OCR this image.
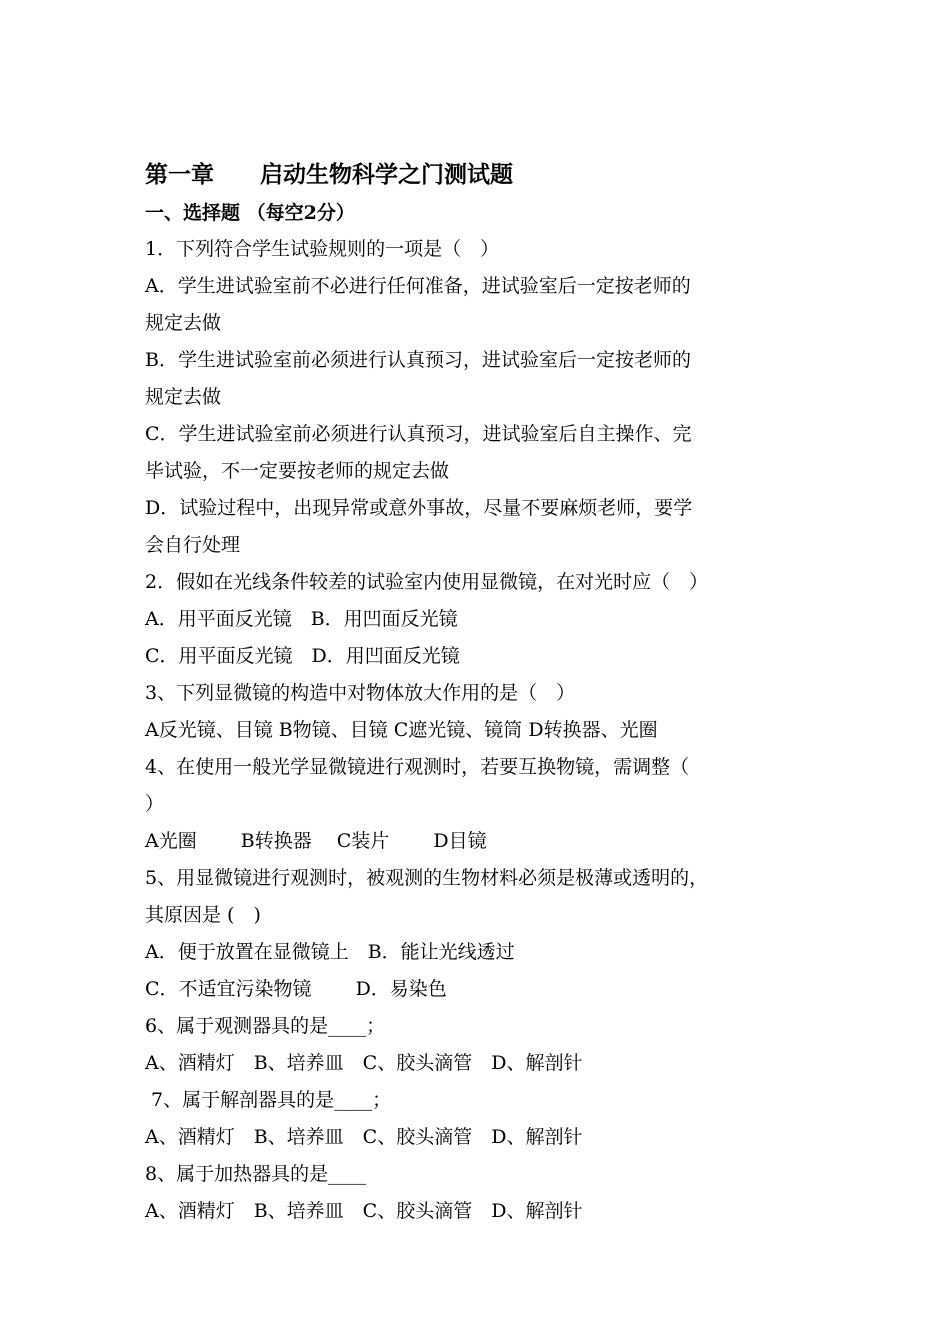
第一章　　启动生物科学之门测试题
一、选择题 （每空2分）
1．下列符合学生试验规则的一项是（　）
A．学生进试验室前不必进行任何准备，进试验室后一定按老师的
规定去做
B．学生进试验室前必须进行认真预习，进试验室后一定按老师的
规定去做
C．学生进试验室前必须进行认真预习，进试验室后自主操作、完
毕试验，不一定要按老师的规定去做
D．试验过程中，出现异常或意外事故，尽量不要麻烦老师，要学
会自行处理
2．假如在光线条件较差的试验室内使用显微镜，在对光时应（　）
A．用平面反光镜　B．用凹面反光镜
C．用平面反光镜　D．用凹面反光镜
3、下列显微镜的构造中对物体放大作用的是（　）
A反光镜、目镜 B物镜、目镜 C遮光镜、镜筒 D转换器、光圈
4、在使用一般光学显微镜进行观测时，若要互换物镜，需调整（
）
A光圈　　 B转换器　 C装片　　 D目镜
5、用显微镜进行观测时，被观测的生物材料必须是极薄或透明的，
其原因是 (　)
A．便于放置在显微镜上　B．能让光线透过
C．不适宜污染物镜　　 D．易染色
6、属于观测器具的是____；
A、酒精灯　B、培养皿　C、胶头滴管　D、解剖针
7、属于解剖器具的是____；
A、酒精灯　B、培养皿　C、胶头滴管　D、解剖针
8、属于加热器具的是____
A、酒精灯　B、培养皿　C、胶头滴管　D、解剖针
